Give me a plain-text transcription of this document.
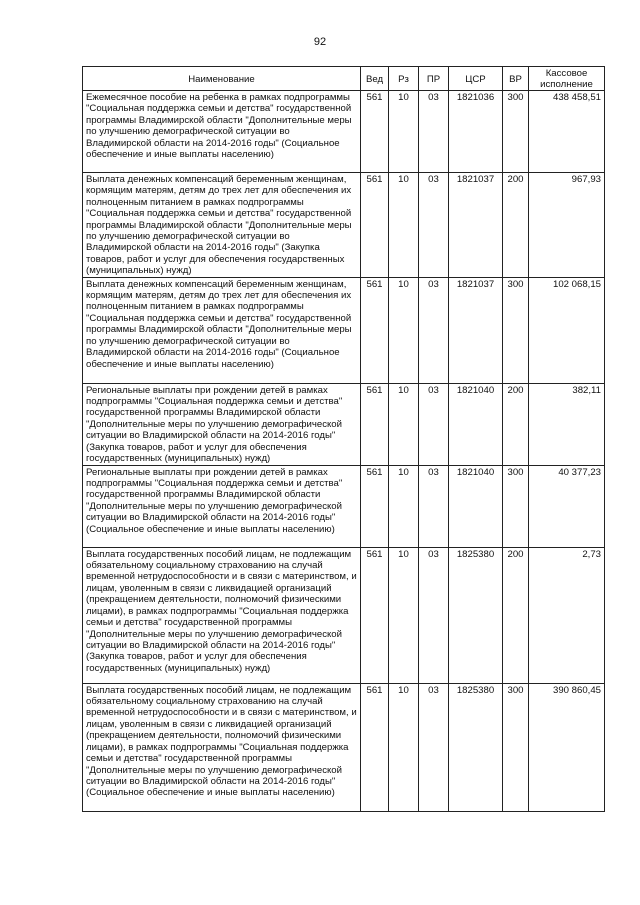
92
Наименование	Вед	Рз	ПР	ЦСР	ВР	Кассовое исполнение
Ежемесячное пособие на ребенка в рамках подпрограммы "Социальная поддержка семьи и детства" государственной программы Владимирской области "Дополнительные меры по улучшению демографической ситуации во Владимирской области на 2014-2016 годы" (Социальное обеспечение и иные выплаты населению)	561	10	03	1821036	300	438 458,51
Выплата денежных компенсаций беременным женщинам, кормящим матерям, детям до трех лет для обеспечения их полноценным питанием в рамках подпрограммы "Социальная поддержка семьи и детства" государственной программы Владимирской области "Дополнительные меры по улучшению демографической ситуации во Владимирской области на 2014-2016 годы" (Закупка товаров, работ и услуг для обеспечения государственных (муниципальных) нужд)	561	10	03	1821037	200	967,93
Выплата денежных компенсаций беременным женщинам, кормящим матерям, детям до трех лет для обеспечения их полноценным питанием в рамках подпрограммы "Социальная поддержка семьи и детства" государственной программы Владимирской области "Дополнительные меры по улучшению демографической ситуации во Владимирской области на 2014-2016 годы" (Социальное обеспечение и иные выплаты населению)	561	10	03	1821037	300	102 068,15
Региональные выплаты при рождении детей в рамках подпрограммы "Социальная поддержка семьи и детства" государственной программы Владимирской области "Дополнительные меры по улучшению демографической ситуации во Владимирской области на 2014-2016 годы" (Закупка товаров, работ и услуг для обеспечения государственных (муниципальных) нужд)	561	10	03	1821040	200	382,11
Региональные выплаты при рождении детей в рамках подпрограммы "Социальная поддержка семьи и детства" государственной программы Владимирской области "Дополнительные меры по улучшению демографической ситуации во Владимирской области на 2014-2016 годы" (Социальное обеспечение и иные выплаты населению)	561	10	03	1821040	300	40 377,23
Выплата государственных пособий лицам, не подлежащим обязательному социальному страхованию на случай временной нетрудоспособности и в связи с материнством, и лицам, уволенным в связи с ликвидацией организаций (прекращением деятельности, полномочий физическими лицами), в рамках подпрограммы "Социальная поддержка семьи и детства" государственной программы "Дополнительные меры по улучшению демографической ситуации во Владимирской области на 2014-2016 годы" (Закупка товаров, работ и услуг для обеспечения государственных (муниципальных) нужд)	561	10	03	1825380	200	2,73
Выплата государственных пособий лицам, не подлежащим обязательному социальному страхованию на случай временной нетрудоспособности и в связи с материнством, и лицам, уволенным в связи с ликвидацией организаций (прекращением деятельности, полномочий физическими лицами), в рамках подпрограммы "Социальная поддержка семьи и детства" государственной программы "Дополнительные меры по улучшению демографической ситуации во Владимирской области на 2014-2016 годы" (Социальное обеспечение и иные выплаты населению)	561	10	03	1825380	300	390 860,45
